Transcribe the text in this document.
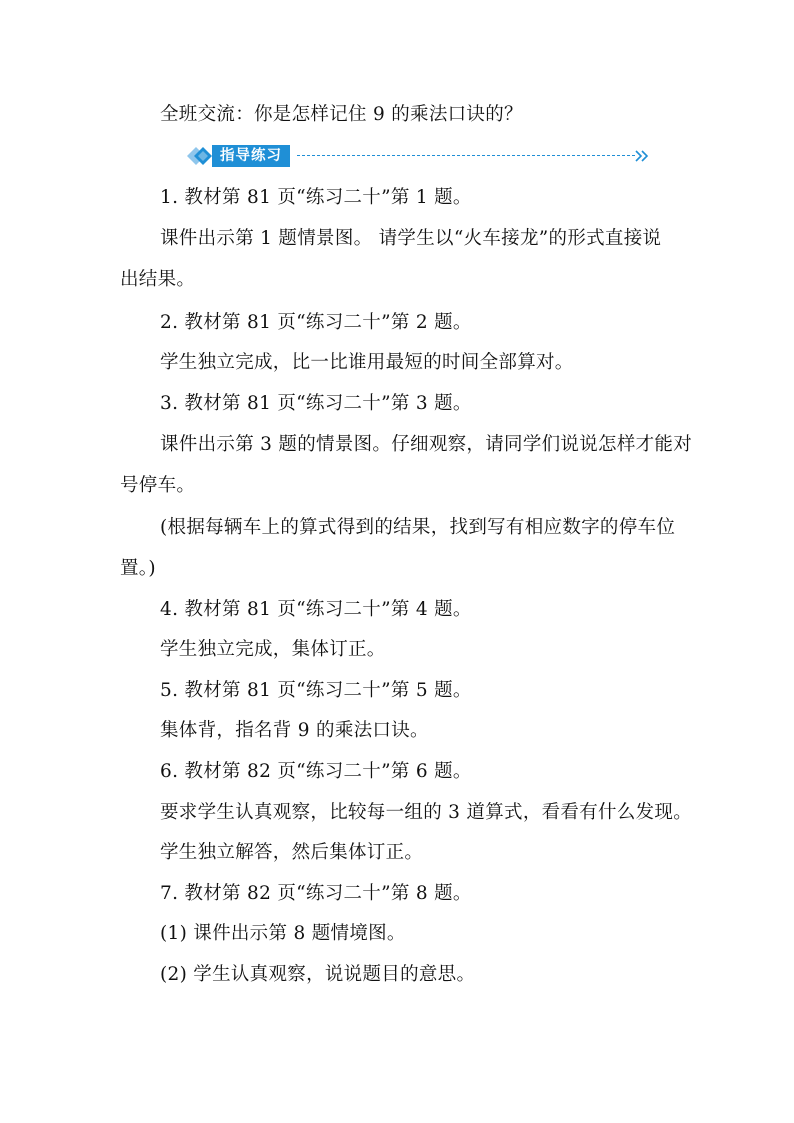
全班交流：你是怎样记住 9 的乘法口诀的？
指导练习
1. 教材第 81 页“练习二十”第 1 题。
课件出示第 1 题情景图。 请学生以“火车接龙”的形式直接说
出结果。
2. 教材第 81 页“练习二十”第 2 题。
学生独立完成，比一比谁用最短的时间全部算对。
3. 教材第 81 页“练习二十”第 3 题。
课件出示第 3 题的情景图。仔细观察，请同学们说说怎样才能对
号停车。
(根据每辆车上的算式得到的结果，找到写有相应数字的停车位
置。)
4. 教材第 81 页“练习二十”第 4 题。
学生独立完成，集体订正。
5. 教材第 81 页“练习二十”第 5 题。
集体背，指名背 9 的乘法口诀。
6. 教材第 82 页“练习二十”第 6 题。
要求学生认真观察，比较每一组的 3 道算式，看看有什么发现。
学生独立解答，然后集体订正。
7. 教材第 82 页“练习二十”第 8 题。
(1) 课件出示第 8 题情境图。
(2) 学生认真观察，说说题目的意思。
